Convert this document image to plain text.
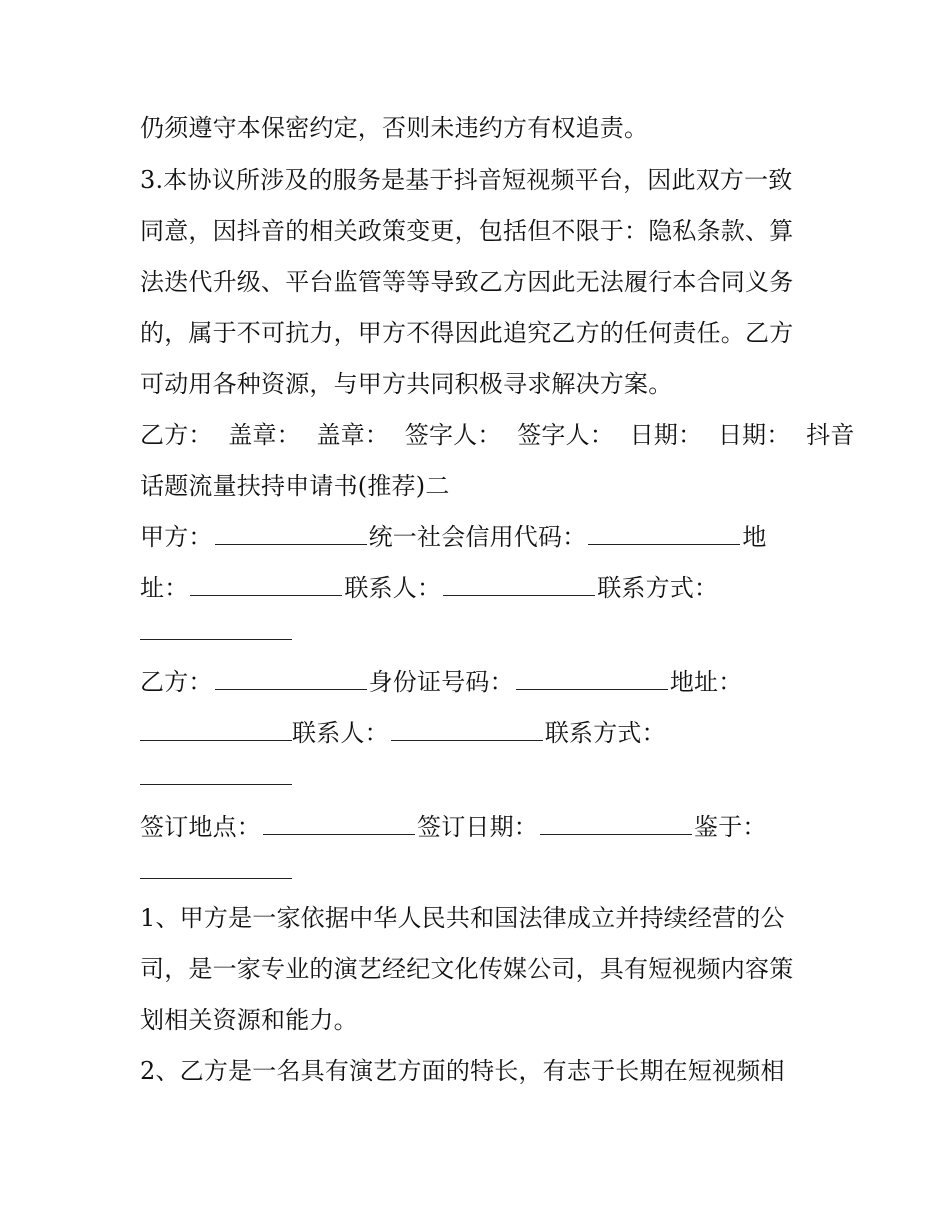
仍须遵守本保密约定，否则未违约方有权追责。
3.本协议所涉及的服务是基于抖音短视频平台，因此双方一致
同意，因抖音的相关政策变更，包括但不限于：隐私条款、算
法迭代升级、平台监管等等导致乙方因此无法履行本合同义务
的，属于不可抗力，甲方不得因此追究乙方的任何责任。乙方
可动用各种资源，与甲方共同积极寻求解决方案。
乙方：  盖章：  盖章：  签字人：  签字人：  日期：  日期：  抖音
话题流量扶持申请书(推荐)二
甲方：	统一社会信用代码：	地
址：	联系人：	联系方式：
乙方：	身份证号码：	地址：
联系人：	联系方式：
签订地点：	签订日期：	鉴于：
1、甲方是一家依据中华人民共和国法律成立并持续经营的公
司，是一家专业的演艺经纪文化传媒公司，具有短视频内容策
划相关资源和能力。
2、乙方是一名具有演艺方面的特长，有志于长期在短视频相
